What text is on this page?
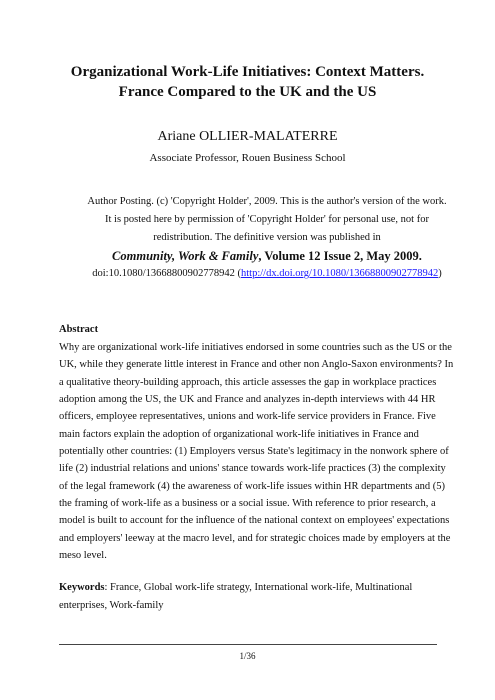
Organizational Work-Life Initiatives: Context Matters.
France Compared to the UK and the US
Ariane OLLIER-MALATERRE
Associate Professor, Rouen Business School
Author Posting. (c) 'Copyright Holder', 2009. This is the author's version of the work.
It is posted here by permission of 'Copyright Holder' for personal use, not for
redistribution. The definitive version was published in
Community, Work & Family, Volume 12 Issue 2, May 2009.
doi:10.1080/13668800902778942 (http://dx.doi.org/10.1080/13668800902778942)
Abstract
Why are organizational work-life initiatives endorsed in some countries such as the US or the
UK, while they generate little interest in France and other non Anglo-Saxon environments? In
a qualitative theory-building approach, this article assesses the gap in workplace practices
adoption among the US, the UK and France and analyzes in-depth interviews with 44 HR
officers, employee representatives, unions and work-life service providers in France. Five
main factors explain the adoption of organizational work-life initiatives in France and
potentially other countries: (1) Employers versus State's legitimacy in the nonwork sphere of
life (2) industrial relations and unions' stance towards work-life practices (3) the complexity
of the legal framework (4) the awareness of work-life issues within HR departments and (5)
the framing of work-life as a business or a social issue. With reference to prior research, a
model is built to account for the influence of the national context on employees' expectations
and employers' leeway at the macro level, and for strategic choices made by employers at the
meso level.
Keywords: France, Global work-life strategy, International work-life, Multinational
enterprises, Work-family
1/36
